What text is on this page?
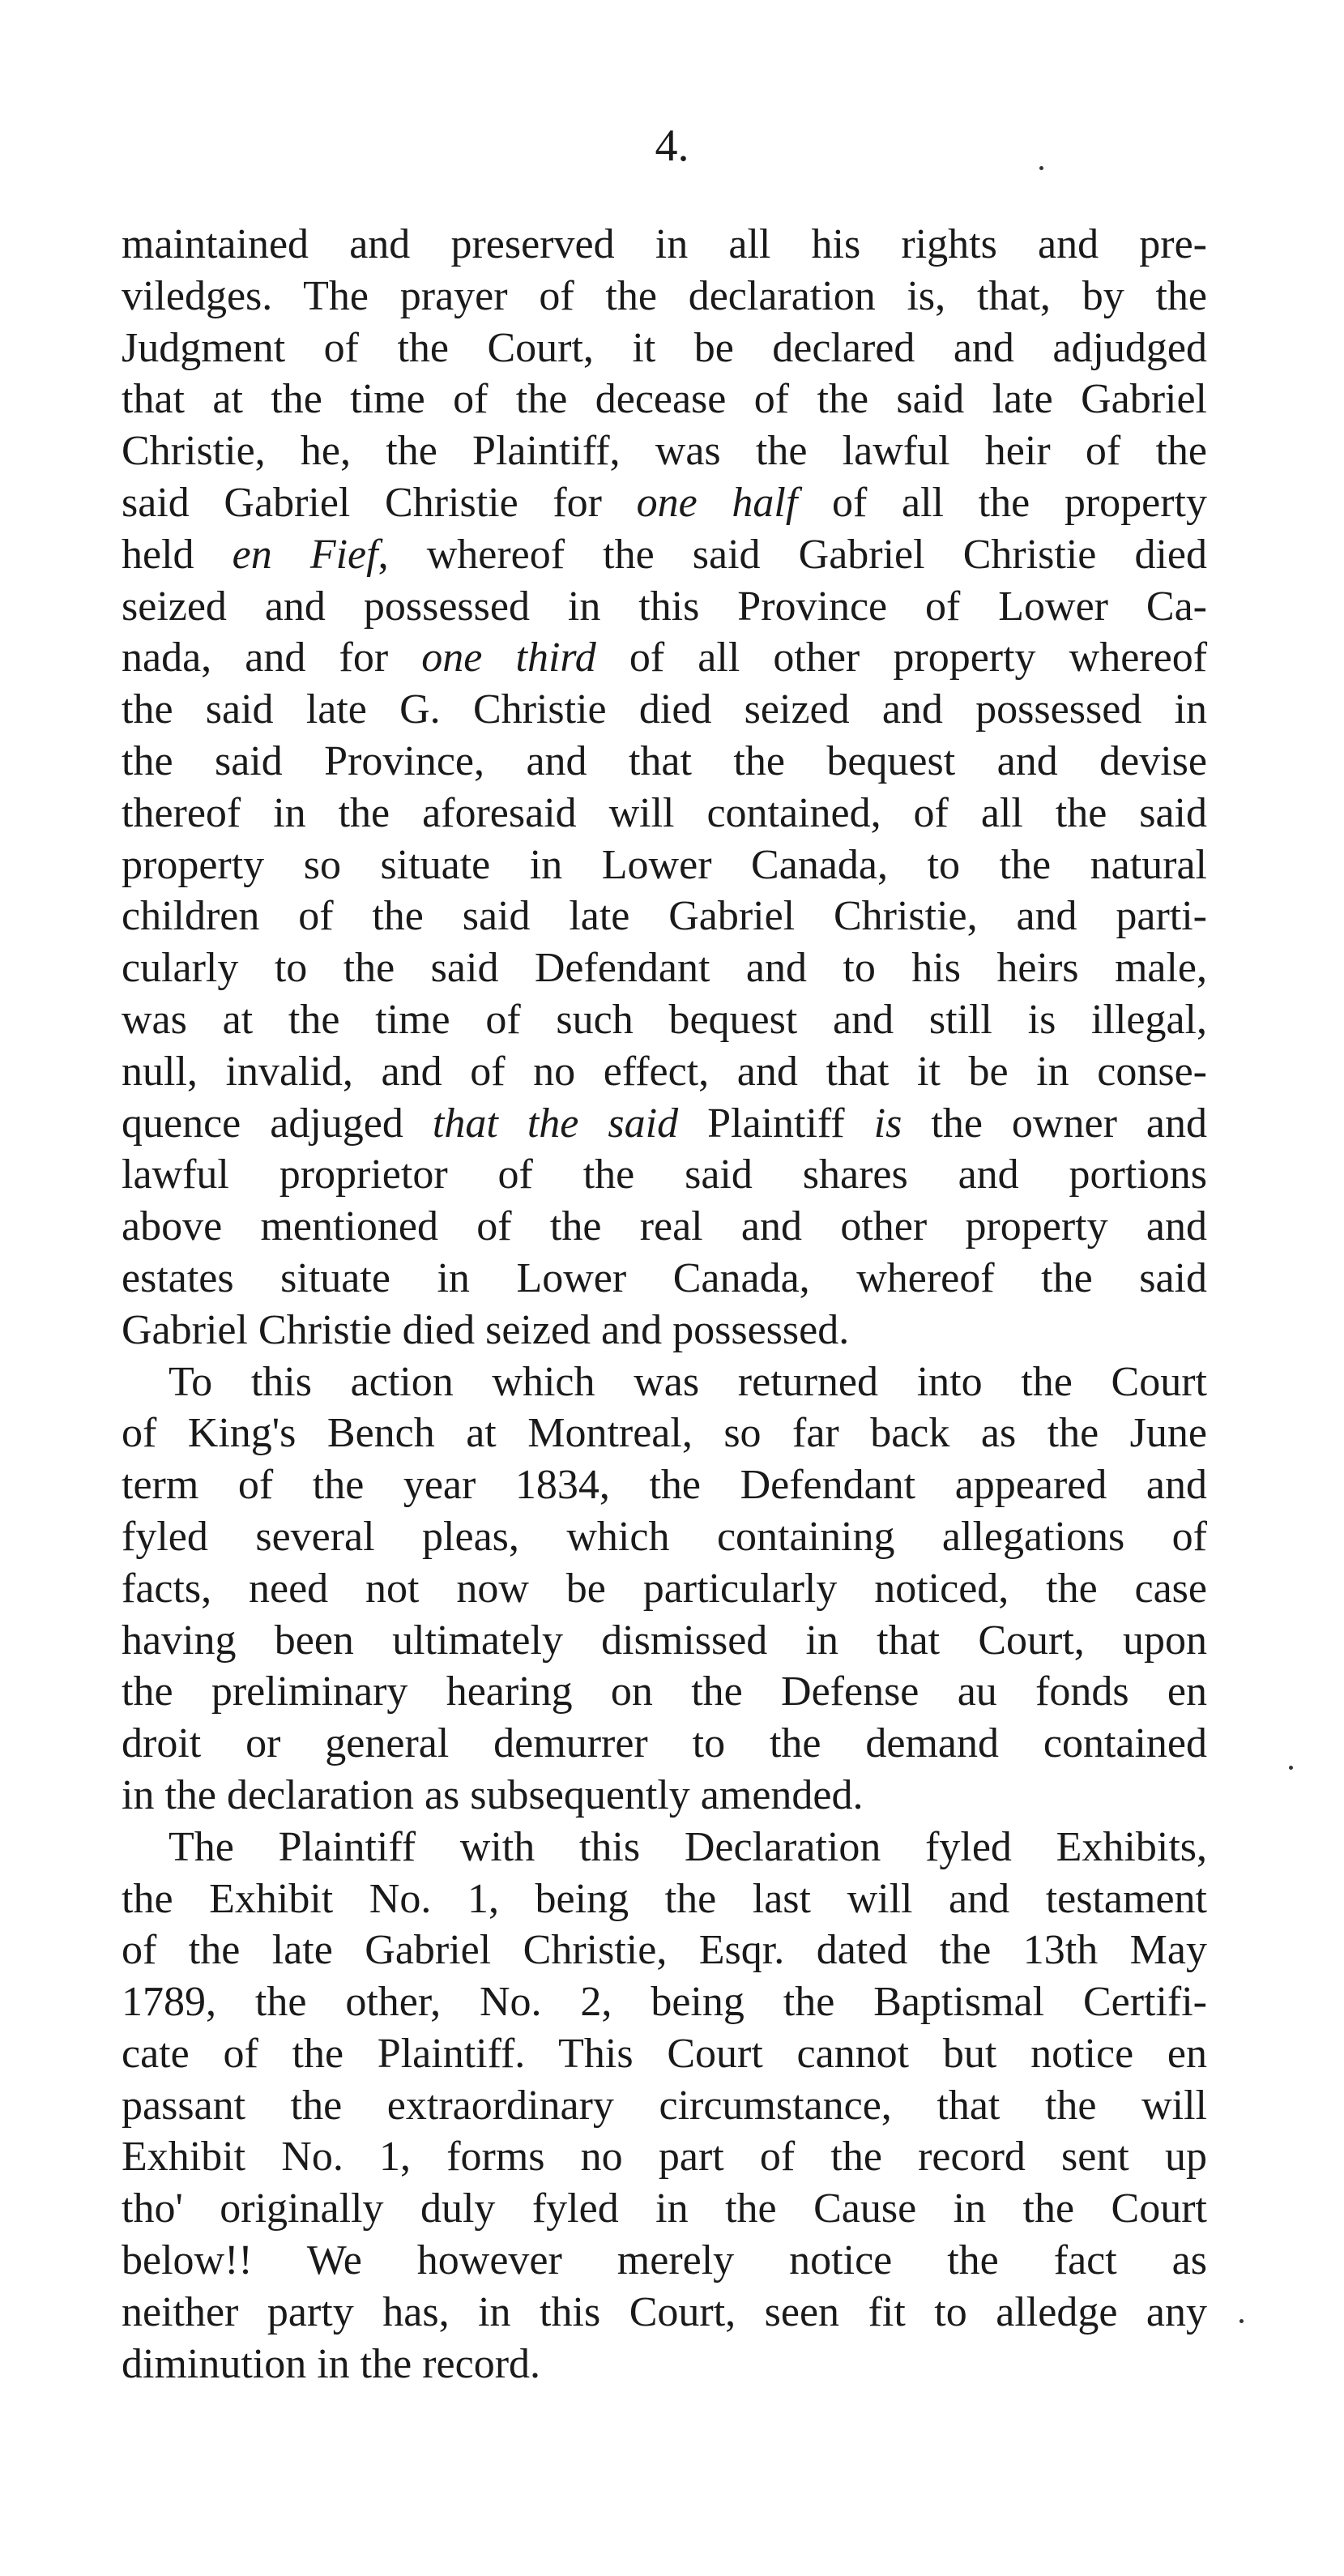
4.
maintained and preserved in all his rights and pre-
viledges. The prayer of the declaration is, that, by the
Judgment of the Court, it be declared and adjudged
that at the time of the decease of the said late Gabriel
Christie, he, the Plaintiff, was the lawful heir of the
said Gabriel Christie for one half of all the property
held en Fief, whereof the said Gabriel Christie died
seized and possessed in this Province of Lower Ca-
nada, and for one third of all other property whereof
the said late G. Christie died seized and possessed in
the said Province, and that the bequest and devise
thereof in the aforesaid will contained, of all the said
property so situate in Lower Canada, to the natural
children of the said late Gabriel Christie, and parti-
cularly to the said Defendant and to his heirs male,
was at the time of such bequest and still is illegal,
null, invalid, and of no effect, and that it be in conse-
quence adjuged that the said Plaintiff is the owner and
lawful proprietor of the said shares and portions
above mentioned of the real and other property and
estates situate in Lower Canada, whereof the said
Gabriel Christie died seized and possessed.
To this action which was returned into the Court
of King's Bench at Montreal, so far back as the June
term of the year 1834, the Defendant appeared and
fyled several pleas, which containing allegations of
facts, need not now be particularly noticed, the case
having been ultimately dismissed in that Court, upon
the preliminary hearing on the Defense au fonds en
droit or general demurrer to the demand contained
in the declaration as subsequently amended.
The Plaintiff with this Declaration fyled Exhibits,
the Exhibit No. 1, being the last will and testament
of the late Gabriel Christie, Esqr. dated the 13th May
1789, the other, No. 2, being the Baptismal Certifi-
cate of the Plaintiff. This Court cannot but notice en
passant the extraordinary circumstance, that the will
Exhibit No. 1, forms no part of the record sent up
tho' originally duly fyled in the Cause in the Court
below!! We however merely notice the fact as
neither party has, in this Court, seen fit to alledge any
diminution in the record.
